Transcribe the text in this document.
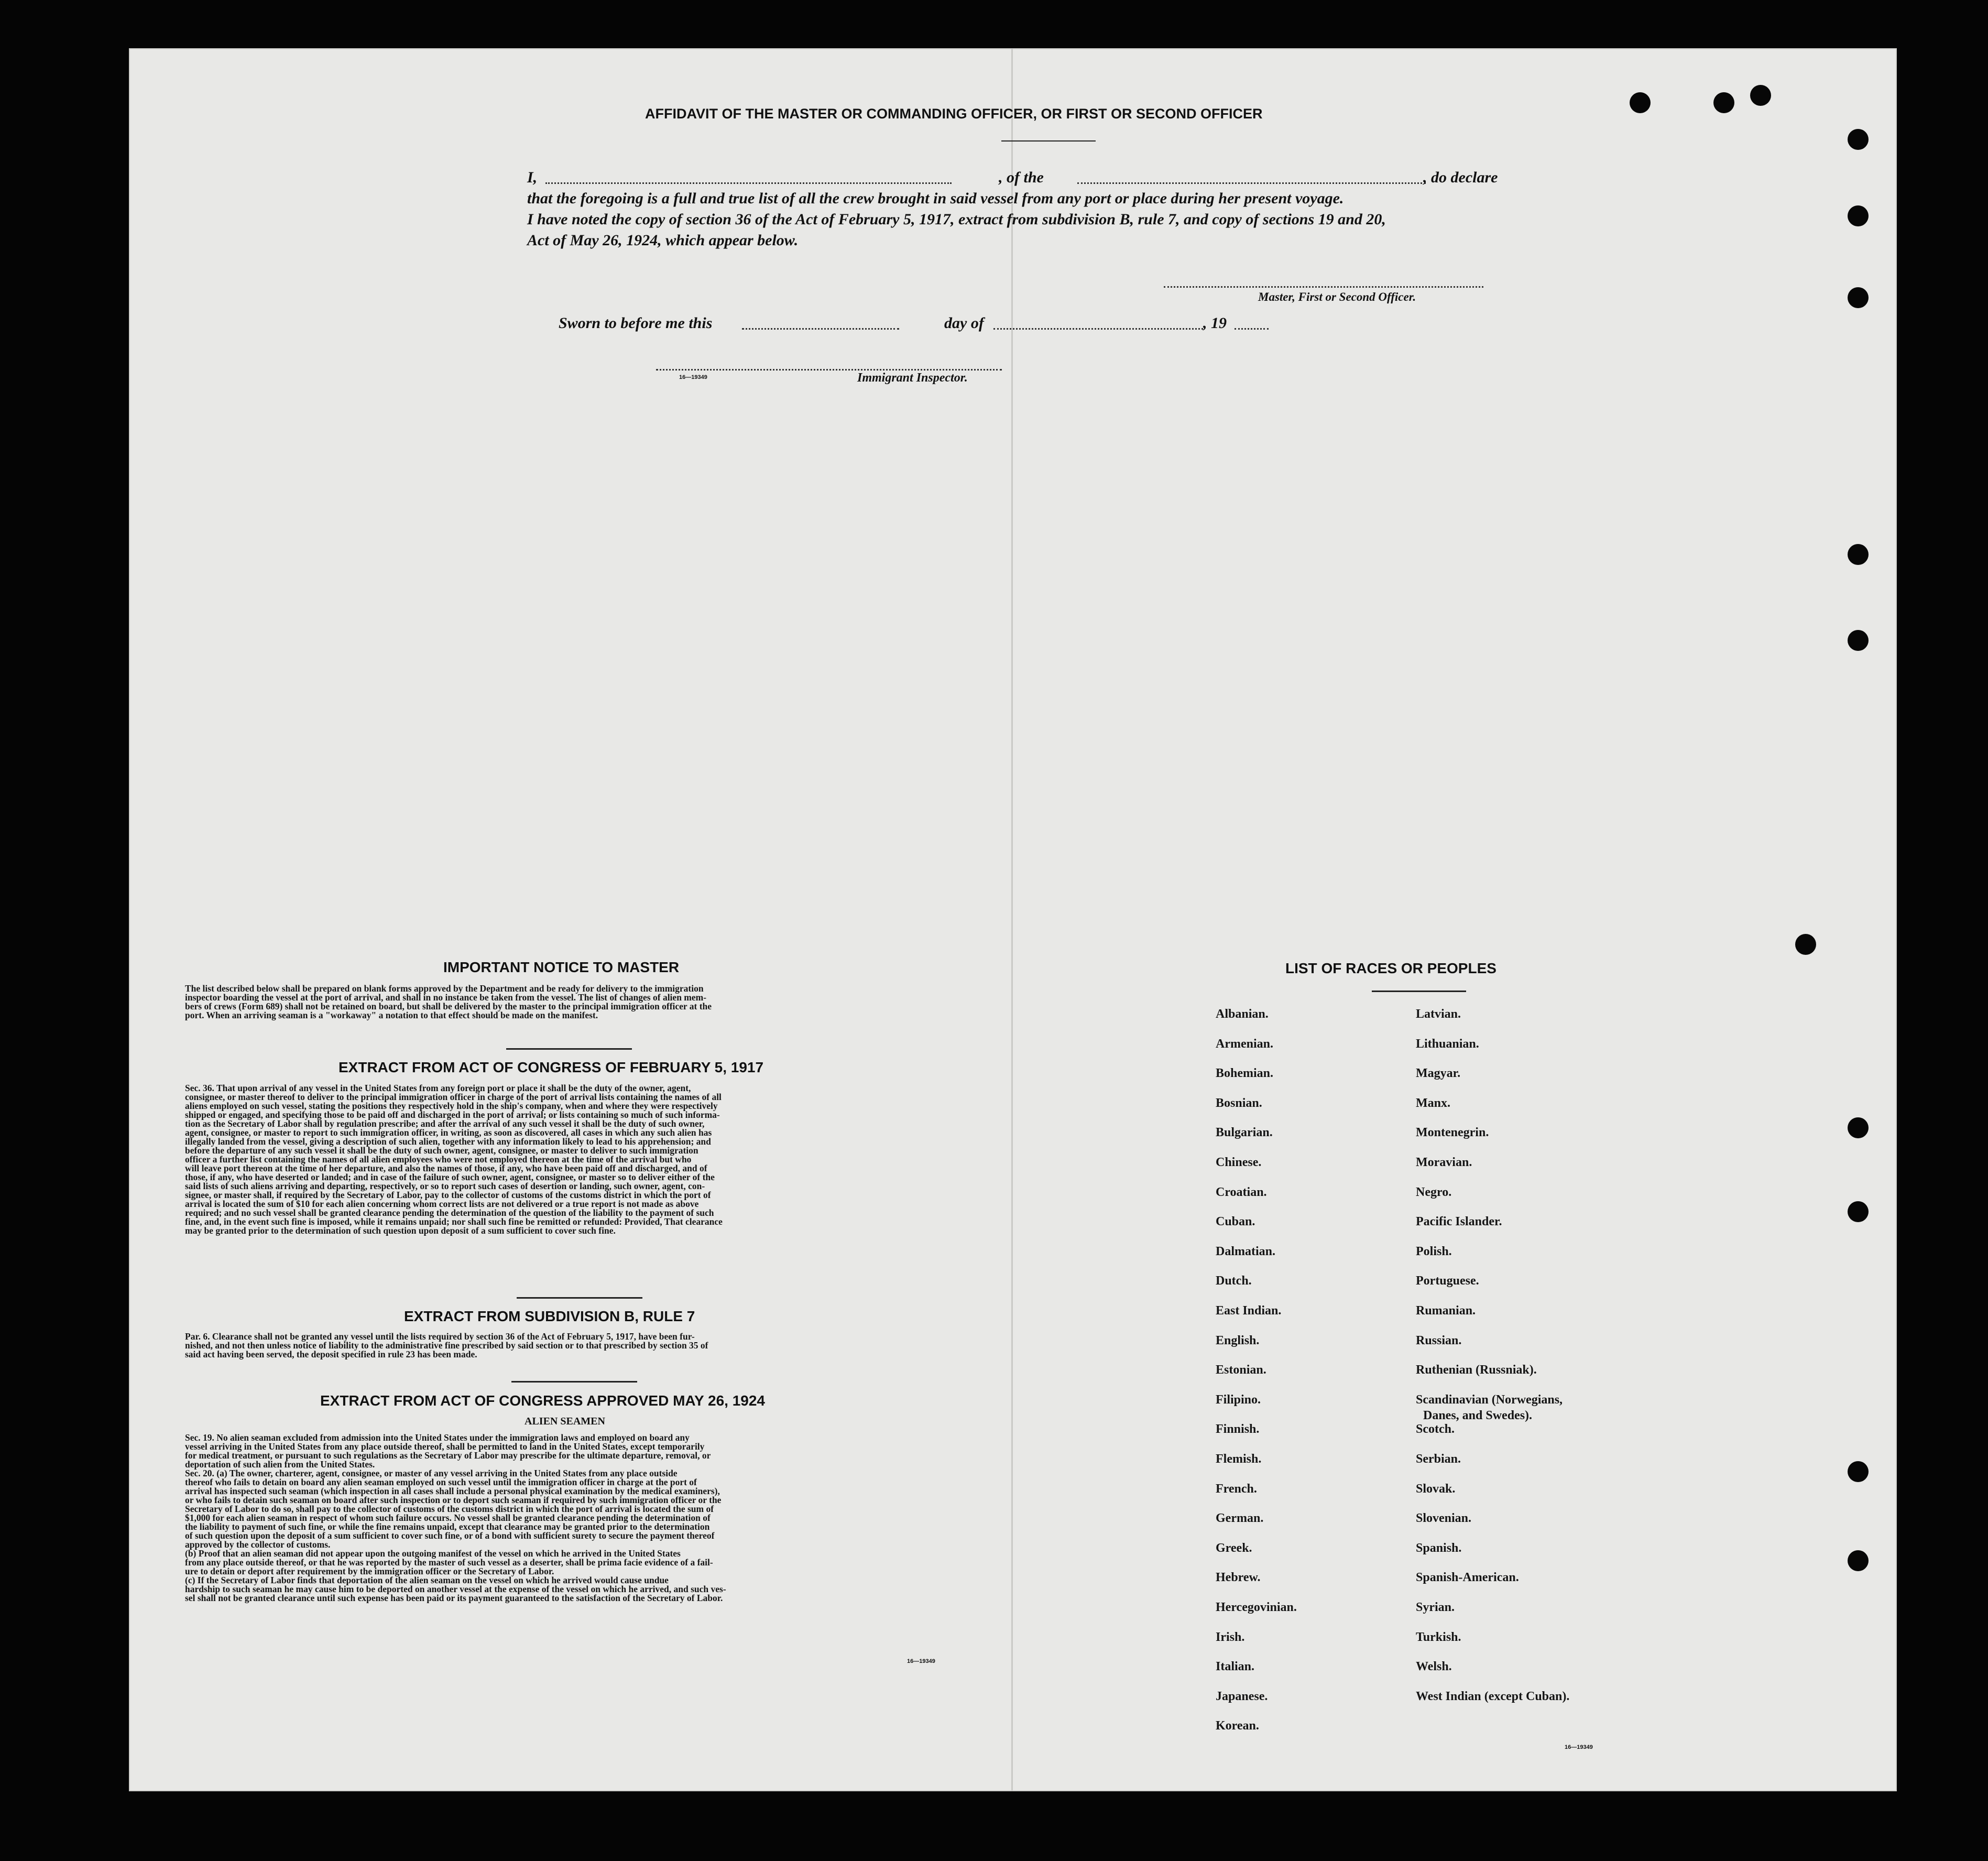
AFFIDAVIT OF THE MASTER OR COMMANDING OFFICER, OR FIRST OR SECOND OFFICER
I,	, of the	, do declare
that the foregoing is a full and true list of all the crew brought in said vessel from any port or place during her present voyage.
I have noted the copy of section 36 of the Act of February 5, 1917, extract from subdivision B, rule 7, and copy of sections 19 and 20,
Act of May 26, 1924, which appear below.
Master, First or Second Officer.
Sworn to before me this	day of	, 19
16—19349	Immigrant Inspector.
IMPORTANT NOTICE TO MASTER
The list described below shall be prepared on blank forms approved by the Department and be ready for delivery to the immigration
inspector boarding the vessel at the port of arrival, and shall in no instance be taken from the vessel. The list of changes of alien mem-
bers of crews (Form 689) shall not be retained on board, but shall be delivered by the master to the principal immigration officer at the
port. When an arriving seaman is a "workaway" a notation to that effect should be made on the manifest.
EXTRACT FROM ACT OF CONGRESS OF FEBRUARY 5, 1917
Sec. 36. That upon arrival of any vessel in the United States from any foreign port or place it shall be the duty of the owner, agent,
consignee, or master thereof to deliver to the principal immigration officer in charge of the port of arrival lists containing the names of all
aliens employed on such vessel, stating the positions they respectively hold in the ship's company, when and where they were respectively
shipped or engaged, and specifying those to be paid off and discharged in the port of arrival; or lists containing so much of such informa-
tion as the Secretary of Labor shall by regulation prescribe; and after the arrival of any such vessel it shall be the duty of such owner,
agent, consignee, or master to report to such immigration officer, in writing, as soon as discovered, all cases in which any such alien has
illegally landed from the vessel, giving a description of such alien, together with any information likely to lead to his apprehension; and
before the departure of any such vessel it shall be the duty of such owner, agent, consignee, or master to deliver to such immigration
officer a further list containing the names of all alien employees who were not employed thereon at the time of the arrival but who
will leave port thereon at the time of her departure, and also the names of those, if any, who have been paid off and discharged, and of
those, if any, who have deserted or landed; and in case of the failure of such owner, agent, consignee, or master so to deliver either of the
said lists of such aliens arriving and departing, respectively, or so to report such cases of desertion or landing, such owner, agent, con-
signee, or master shall, if required by the Secretary of Labor, pay to the collector of customs of the customs district in which the port of
arrival is located the sum of $10 for each alien concerning whom correct lists are not delivered or a true report is not made as above
required; and no such vessel shall be granted clearance pending the determination of the question of the liability to the payment of such
fine, and, in the event such fine is imposed, while it remains unpaid; nor shall such fine be remitted or refunded: Provided, That clearance
may be granted prior to the determination of such question upon deposit of a sum sufficient to cover such fine.
EXTRACT FROM SUBDIVISION B, RULE 7
Par. 6. Clearance shall not be granted any vessel until the lists required by section 36 of the Act of February 5, 1917, have been fur-
nished, and not then unless notice of liability to the administrative fine prescribed by said section or to that prescribed by section 35 of
said act having been served, the deposit specified in rule 23 has been made.
EXTRACT FROM ACT OF CONGRESS APPROVED MAY 26, 1924
ALIEN SEAMEN
Sec. 19. No alien seaman excluded from admission into the United States under the immigration laws and employed on board any
vessel arriving in the United States from any place outside thereof, shall be permitted to land in the United States, except temporarily
for medical treatment, or pursuant to such regulations as the Secretary of Labor may prescribe for the ultimate departure, removal, or
deportation of such alien from the United States.
Sec. 20. (a) The owner, charterer, agent, consignee, or master of any vessel arriving in the United States from any place outside
thereof who fails to detain on board any alien seaman employed on such vessel until the immigration officer in charge at the port of
arrival has inspected such seaman (which inspection in all cases shall include a personal physical examination by the medical examiners),
or who fails to detain such seaman on board after such inspection or to deport such seaman if required by such immigration officer or the
Secretary of Labor to do so, shall pay to the collector of customs of the customs district in which the port of arrival is located the sum of
$1,000 for each alien seaman in respect of whom such failure occurs. No vessel shall be granted clearance pending the determination of
the liability to payment of such fine, or while the fine remains unpaid, except that clearance may be granted prior to the determination
of such question upon the deposit of a sum sufficient to cover such fine, or of a bond with sufficient surety to secure the payment thereof
approved by the collector of customs.
(b) Proof that an alien seaman did not appear upon the outgoing manifest of the vessel on which he arrived in the United States
from any place outside thereof, or that he was reported by the master of such vessel as a deserter, shall be prima facie evidence of a fail-
ure to detain or deport after requirement by the immigration officer or the Secretary of Labor.
(c) If the Secretary of Labor finds that deportation of the alien seaman on the vessel on which he arrived would cause undue
hardship to such seaman he may cause him to be deported on another vessel at the expense of the vessel on which he arrived, and such ves-
sel shall not be granted clearance until such expense has been paid or its payment guaranteed to the satisfaction of the Secretary of Labor.
16—19349
LIST OF RACES OR PEOPLES
16—19349
Albanian.
Armenian.
Bohemian.
Bosnian.
Bulgarian.
Chinese.
Croatian.
Cuban.
Dalmatian.
Dutch.
East Indian.
English.
Estonian.
Filipino.
Finnish.
Flemish.
French.
German.
Greek.
Hebrew.
Hercegovinian.
Irish.
Italian.
Japanese.
Korean.
Latvian.
Lithuanian.
Magyar.
Manx.
Montenegrin.
Moravian.
Negro.
Pacific Islander.
Polish.
Portuguese.
Rumanian.
Russian.
Ruthenian (Russniak).
Scandinavian (Norwegians,
Danes, and Swedes).
Scotch.
Serbian.
Slovak.
Slovenian.
Spanish.
Spanish-American.
Syrian.
Turkish.
Welsh.
West Indian (except Cuban).
